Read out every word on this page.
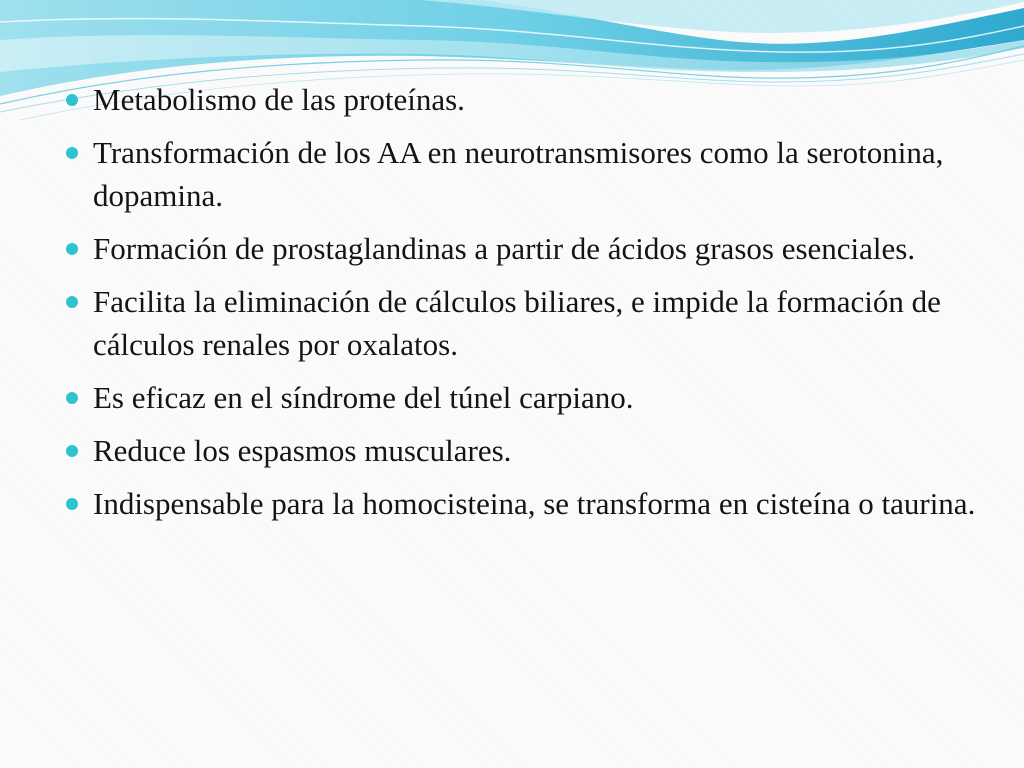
Metabolismo de las proteínas.
Transformación de los AA en neurotransmisores como la serotonina, dopamina.
Formación de prostaglandinas a partir de ácidos grasos esenciales.
Facilita la eliminación de cálculos biliares, e impide la formación de cálculos renales por oxalatos.
Es eficaz en el síndrome del túnel carpiano.
Reduce los espasmos musculares.
Indispensable para la homocisteina, se transforma en cisteína o taurina.
